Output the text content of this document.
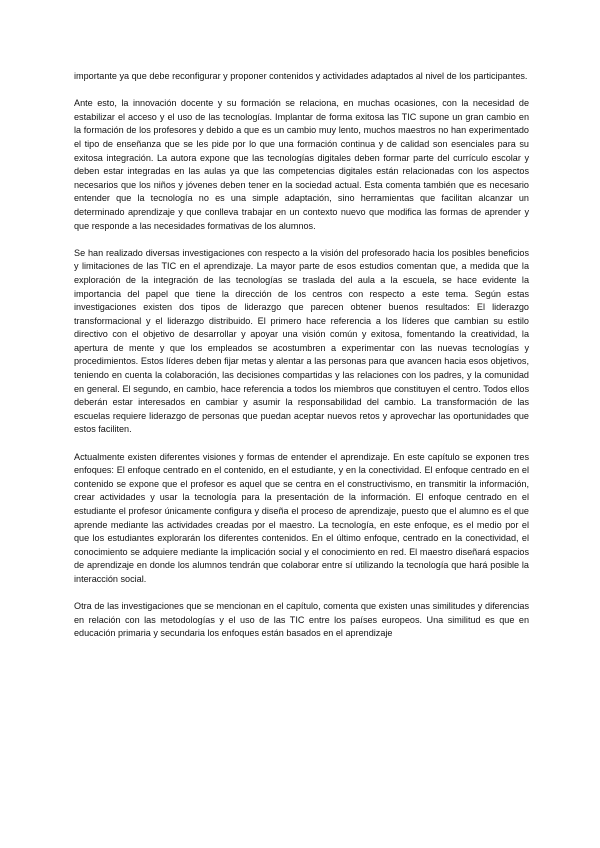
importante ya que debe reconfigurar y proponer contenidos y actividades adaptados al nivel de los participantes.

Ante esto, la innovación docente y su formación se relaciona, en muchas ocasiones, con la necesidad de estabilizar el acceso y el uso de las tecnologías. Implantar de forma exitosa las TIC supone un gran cambio en la formación de los profesores y debido a que es un cambio muy lento, muchos maestros no han experimentado el tipo de enseñanza que se les pide por lo que una formación continua y de calidad son esenciales para su exitosa integración. La autora expone que las tecnologías digitales deben formar parte del currículo escolar y deben estar integradas en las aulas ya que las competencias digitales están relacionadas con los aspectos necesarios que los niños y jóvenes deben tener en la sociedad actual. Esta comenta también que es necesario entender que la tecnología no es una simple adaptación, sino herramientas que facilitan alcanzar un determinado aprendizaje y que conlleva trabajar en un contexto nuevo que modifica las formas de aprender y que responde a las necesidades formativas de los alumnos.

Se han realizado diversas investigaciones con respecto a la visión del profesorado hacia los posibles beneficios y limitaciones de las TIC en el aprendizaje. La mayor parte de esos estudios comentan que, a medida que la exploración de la integración de las tecnologías se traslada del aula a la escuela, se hace evidente la importancia del papel que tiene la dirección de los centros con respecto a este tema. Según estas investigaciones existen dos tipos de liderazgo que parecen obtener buenos resultados: El liderazgo transformacional y el liderazgo distribuido. El primero hace referencia a los líderes que cambian su estilo directivo con el objetivo de desarrollar y apoyar una visión común y exitosa, fomentando la creatividad, la apertura de mente y que los empleados se acostumbren a experimentar con las nuevas tecnologías y procedimientos. Estos líderes deben fijar metas y alentar a las personas para que avancen hacia esos objetivos, teniendo en cuenta la colaboración, las decisiones compartidas y las relaciones con los padres, y la comunidad en general. El segundo, en cambio, hace referencia a todos los miembros que constituyen el centro. Todos ellos deberán estar interesados en cambiar y asumir la responsabilidad del cambio. La transformación de las escuelas requiere liderazgo de personas que puedan aceptar nuevos retos y aprovechar las oportunidades que estos faciliten.

Actualmente existen diferentes visiones y formas de entender el aprendizaje. En este capítulo se exponen tres enfoques: El enfoque centrado en el contenido, en el estudiante, y en la conectividad. El enfoque centrado en el contenido se expone que el profesor es aquel que se centra en el constructivismo, en transmitir la información, crear actividades y usar la tecnología para la presentación de la información. El enfoque centrado en el estudiante el profesor únicamente configura y diseña el proceso de aprendizaje, puesto que el alumno es el que aprende mediante las actividades creadas por el maestro. La tecnología, en este enfoque, es el medio por el que los estudiantes explorarán los diferentes contenidos. En el último enfoque, centrado en la conectividad, el conocimiento se adquiere mediante la implicación social y el conocimiento en red. El maestro diseñará espacios de aprendizaje en donde los alumnos tendrán que colaborar entre sí utilizando la tecnología que hará posible la interacción social.

Otra de las investigaciones que se mencionan en el capítulo, comenta que existen unas similitudes y diferencias en relación con las metodologías y el uso de las TIC entre los países europeos. Una similitud es que en educación primaria y secundaria los enfoques están basados en el aprendizaje
